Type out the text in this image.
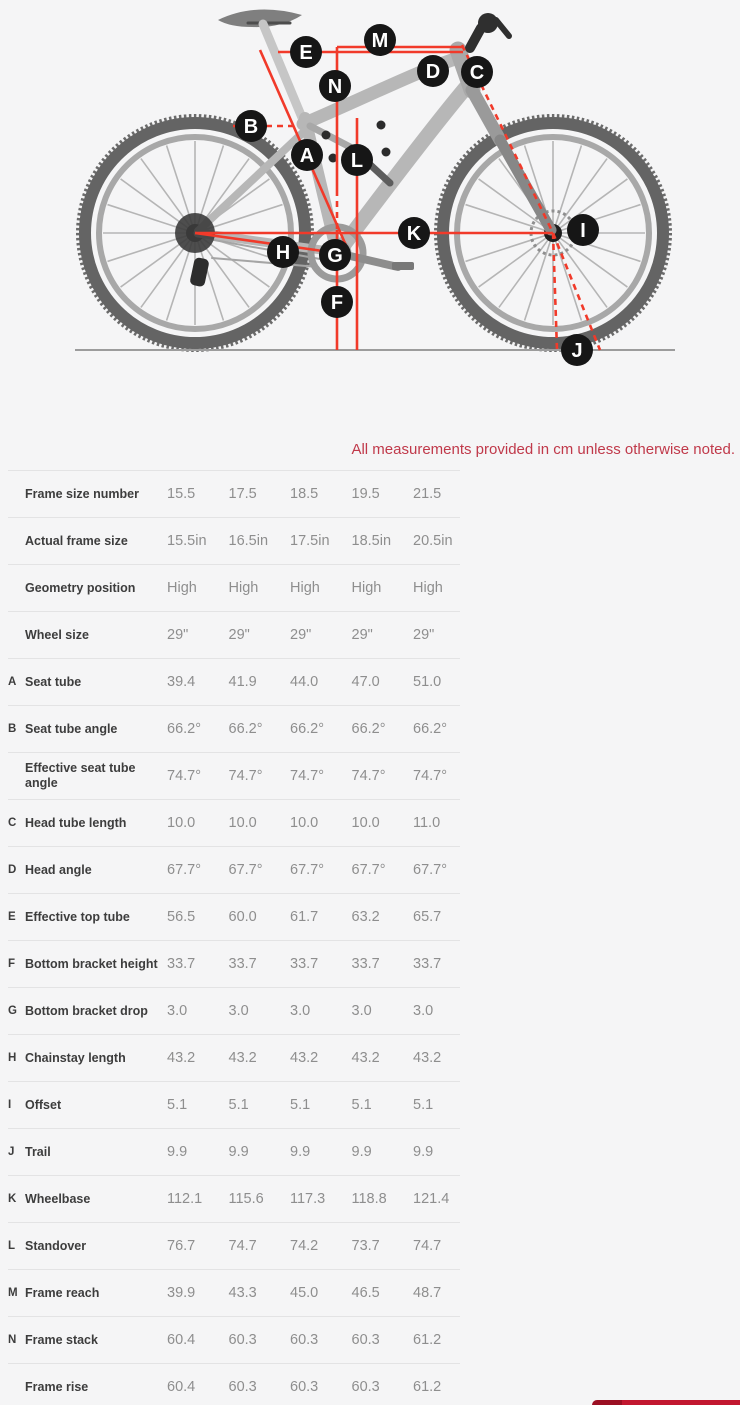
A
B
C
D
E
F
G
H
I
J
K
L
M
N
All measurements provided in cm unless otherwise noted.
Frame size number	15.5	17.5	18.5	19.5	21.5
Actual frame size	15.5in	16.5in	17.5in	18.5in	20.5in
Geometry position	High	High	High	High	High
Wheel size	29"	29"	29"	29"	29"
A Seat tube	39.4	41.9	44.0	47.0	51.0
B Seat tube angle	66.2°	66.2°	66.2°	66.2°	66.2°
Effective seat tube angle	74.7°	74.7°	74.7°	74.7°	74.7°
C Head tube length	10.0	10.0	10.0	10.0	11.0
D Head angle	67.7°	67.7°	67.7°	67.7°	67.7°
E Effective top tube	56.5	60.0	61.7	63.2	65.7
F Bottom bracket height 33.7	33.7	33.7	33.7	33.7
G Bottom bracket drop	3.0	3.0	3.0	3.0	3.0
H Chainstay length	43.2	43.2	43.2	43.2	43.2
I	Offset	5.1	5.1	5.1	5.1	5.1
J Trail	9.9	9.9	9.9	9.9	9.9
K Wheelbase	112.1	115.6	117.3	118.8	121.4
L Standover	76.7	74.7	74.2	73.7	74.7
M Frame reach	39.9	43.3	45.0	46.5	48.7
N Frame stack	60.4	60.3	60.3	60.3	61.2
Frame rise	60.4	60.3	60.3	60.3	61.2
